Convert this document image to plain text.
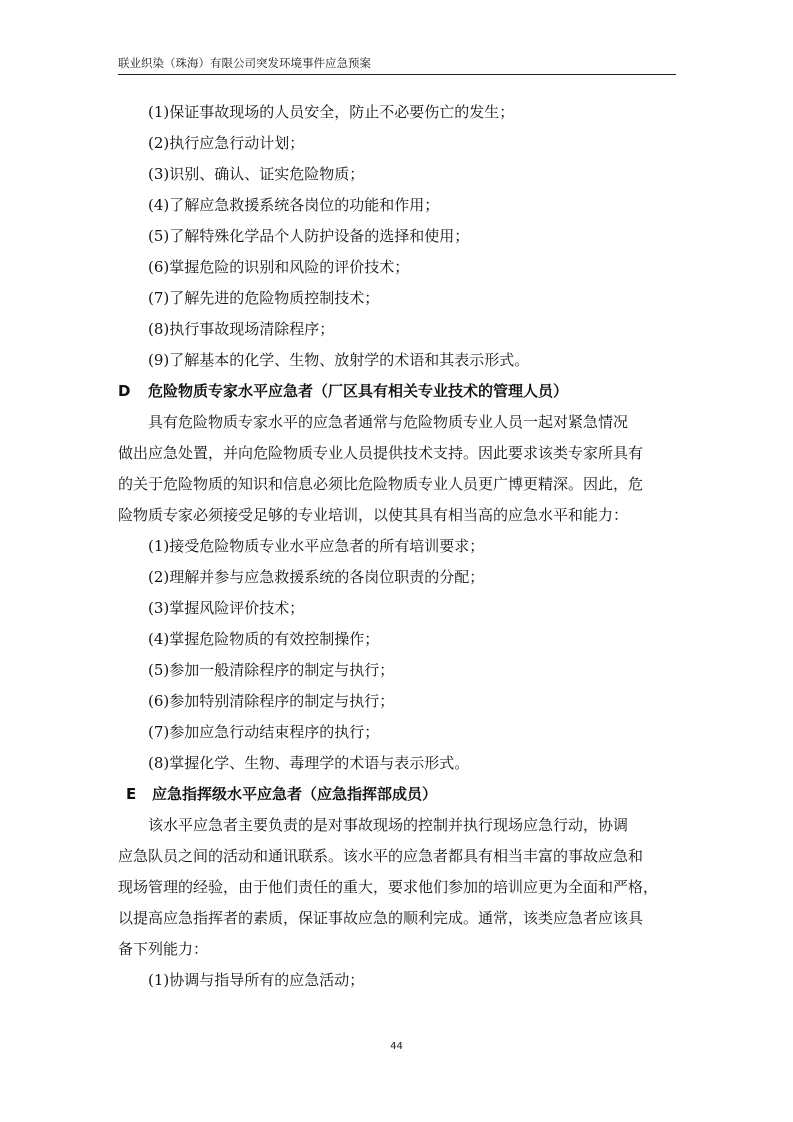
联业织染（珠海）有限公司突发环境事件应急预案
(1)保证事故现场的人员安全，防止不必要伤亡的发生；
(2)执行应急行动计划；
(3)识别、确认、证实危险物质；
(4)了解应急救援系统各岗位的功能和作用；
(5)了解特殊化学品个人防护设备的选择和使用；
(6)掌握危险的识别和风险的评价技术；
(7)了解先进的危险物质控制技术；
(8)执行事故现场清除程序；
(9)了解基本的化学、生物、放射学的术语和其表示形式。
D 危险物质专家水平应急者（厂区具有相关专业技术的管理人员）
具有危险物质专家水平的应急者通常与危险物质专业人员一起对紧急情况
做出应急处置，并向危险物质专业人员提供技术支持。因此要求该类专家所具有
的关于危险物质的知识和信息必须比危险物质专业人员更广博更精深。因此，危
险物质专家必须接受足够的专业培训，以使其具有相当高的应急水平和能力：
(1)接受危险物质专业水平应急者的所有培训要求；
(2)理解并参与应急救援系统的各岗位职责的分配；
(3)掌握风险评价技术；
(4)掌握危险物质的有效控制操作；
(5)参加一般清除程序的制定与执行；
(6)参加特别清除程序的制定与执行；
(7)参加应急行动结束程序的执行；
(8)掌握化学、生物、毒理学的术语与表示形式。
E 应急指挥级水平应急者（应急指挥部成员）
该水平应急者主要负责的是对事故现场的控制并执行现场应急行动，协调
应急队员之间的活动和通讯联系。该水平的应急者都具有相当丰富的事故应急和
现场管理的经验，由于他们责任的重大，要求他们参加的培训应更为全面和严格，
以提高应急指挥者的素质，保证事故应急的顺利完成。通常，该类应急者应该具
备下列能力：
(1)协调与指导所有的应急活动；
44
